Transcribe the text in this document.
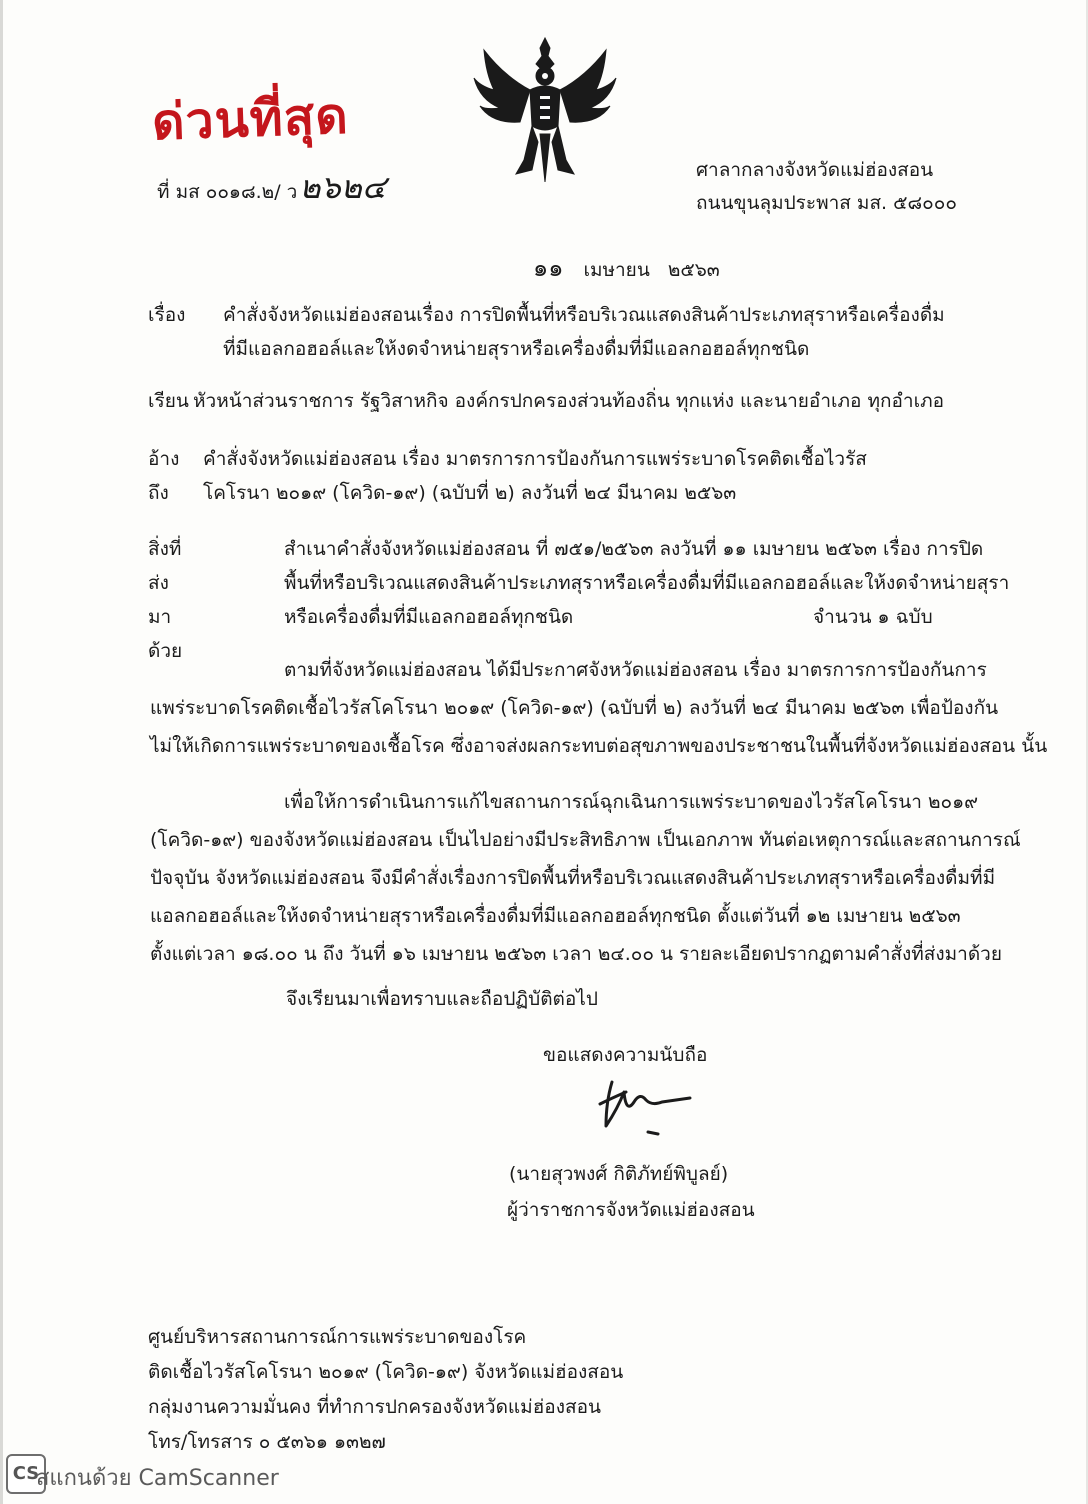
ด่วนที่สุด
ที่ มส ๐๐๑๘.๒/ ว๒๖๒๔	ศาลากลางจังหวัดแม่ฮ่องสอน
ถนนขุนลุมประพาส มส. ๕๘๐๐๐
๑๑ เมษายน ๒๕๖๓
เรื่อง คำสั่งจังหวัดแม่ฮ่องสอนเรื่อง การปิดพื้นที่หรือบริเวณแสดงสินค้าประเภทสุราหรือเครื่องดื่ม
ที่มีแอลกอฮอล์และให้งดจำหน่ายสุราหรือเครื่องดื่มที่มีแอลกอฮอล์ทุกชนิด
เรียน หัวหน้าส่วนราชการ รัฐวิสาหกิจ องค์กรปกครองส่วนท้องถิ่น ทุกแห่ง และนายอำเภอ ทุกอำเภอ
อ้างถึง
คำสั่งจังหวัดแม่ฮ่องสอน เรื่อง มาตรการการป้องกันการแพร่ระบาดโรคติดเชื้อไวรัส
โคโรนา ๒๐๑๙ (โควิด-๑๙) (ฉบับที่ ๒) ลงวันที่ ๒๔ มีนาคม ๒๕๖๓
สิ่งที่ส่งมาด้วย
สำเนาคำสั่งจังหวัดแม่ฮ่องสอน ที่ ๗๕๑/๒๕๖๓ ลงวันที่ ๑๑ เมษายน ๒๕๖๓ เรื่อง การปิด
พื้นที่หรือบริเวณแสดงสินค้าประเภทสุราหรือเครื่องดื่มที่มีแอลกอฮอล์และให้งดจำหน่ายสุรา
หรือเครื่องดื่มที่มีแอลกอฮอล์ทุกชนิด	จำนวน ๑ ฉบับ
ตามที่จังหวัดแม่ฮ่องสอน ได้มีประกาศจังหวัดแม่ฮ่องสอน เรื่อง มาตรการการป้องกันการ
แพร่ระบาดโรคติดเชื้อไวรัสโคโรนา ๒๐๑๙ (โควิด-๑๙) (ฉบับที่ ๒) ลงวันที่ ๒๔ มีนาคม ๒๕๖๓ เพื่อป้องกัน
ไม่ให้เกิดการแพร่ระบาดของเชื้อโรค ซึ่งอาจส่งผลกระทบต่อสุขภาพของประชาชนในพื้นที่จังหวัดแม่ฮ่องสอน นั้น
เพื่อให้การดำเนินการแก้ไขสถานการณ์ฉุกเฉินการแพร่ระบาดของไวรัสโคโรนา ๒๐๑๙
(โควิด-๑๙) ของจังหวัดแม่ฮ่องสอน เป็นไปอย่างมีประสิทธิภาพ เป็นเอกภาพ ทันต่อเหตุการณ์และสถานการณ์
ปัจจุบัน จังหวัดแม่ฮ่องสอน จึงมีคำสั่งเรื่องการปิดพื้นที่หรือบริเวณแสดงสินค้าประเภทสุราหรือเครื่องดื่มที่มี
แอลกอฮอล์และให้งดจำหน่ายสุราหรือเครื่องดื่มที่มีแอลกอฮอล์ทุกชนิด ตั้งแต่วันที่ ๑๒ เมษายน ๒๕๖๓
ตั้งแต่เวลา ๑๘.๐๐ น ถึง วันที่ ๑๖ เมษายน ๒๕๖๓ เวลา ๒๔.๐๐ น รายละเอียดปรากฏตามคำสั่งที่ส่งมาด้วย
จึงเรียนมาเพื่อทราบและถือปฏิบัติต่อไป
ขอแสดงความนับถือ
(นายสุวพงศ์ กิติภัทย์พิบูลย์)
ผู้ว่าราชการจังหวัดแม่ฮ่องสอน
ศูนย์บริหารสถานการณ์การแพร่ระบาดของโรค
ติดเชื้อไวรัสโคโรนา ๒๐๑๙ (โควิด-๑๙) จังหวัดแม่ฮ่องสอน
กลุ่มงานความมั่นคง ที่ทำการปกครองจังหวัดแม่ฮ่องสอน
โทร/โทรสาร ๐ ๕๓๖๑ ๑๓๒๗
CS
สแกนด้วย CamScanner
